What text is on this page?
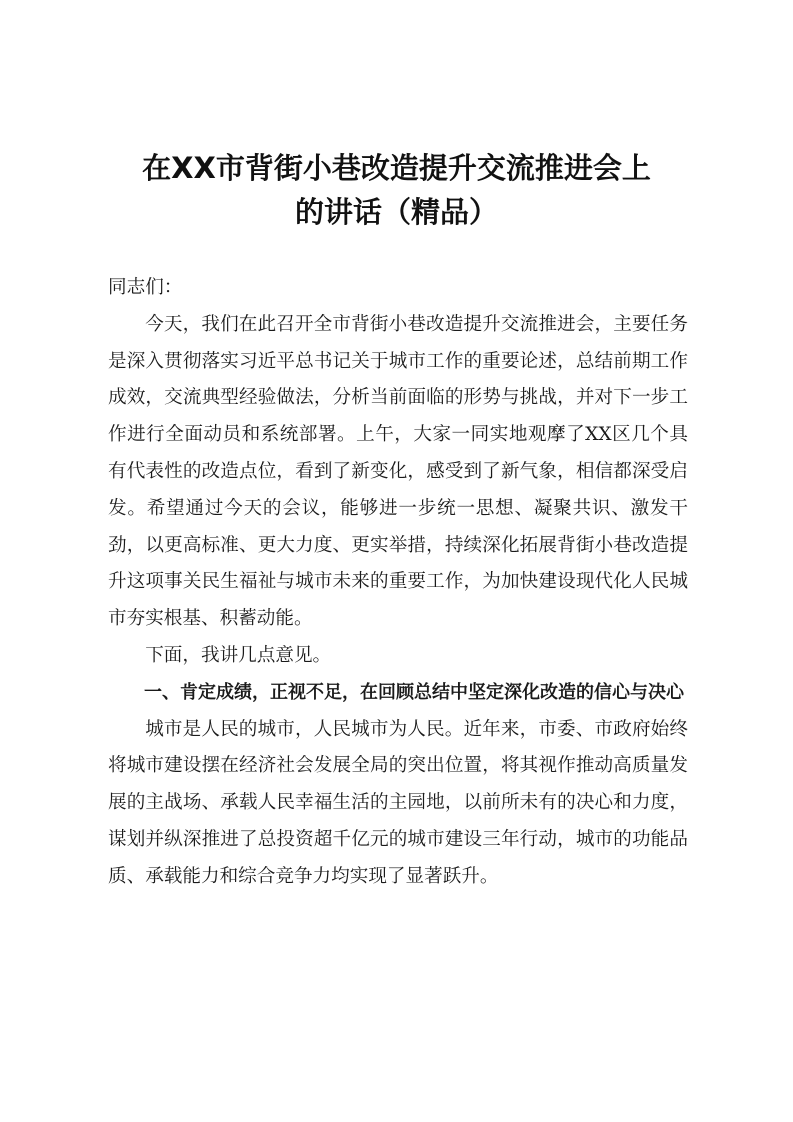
在XX市背街小巷改造提升交流推进会上
的讲话（精品）

同志们：

今天，我们在此召开全市背街小巷改造提升交流推进会，主要任务是深入贯彻落实习近平总书记关于城市工作的重要论述，总结前期工作成效，交流典型经验做法，分析当前面临的形势与挑战，并对下一步工作进行全面动员和系统部署。上午，大家一同实地观摩了XX区几个具有代表性的改造点位，看到了新变化，感受到了新气象，相信都深受启发。希望通过今天的会议，能够进一步统一思想、凝聚共识、激发干劲，以更高标准、更大力度、更实举措，持续深化拓展背街小巷改造提升这项事关民生福祉与城市未来的重要工作，为加快建设现代化人民城市夯实根基、积蓄动能。

下面，我讲几点意见。

一、肯定成绩，正视不足，在回顾总结中坚定深化改造的信心与决心

城市是人民的城市，人民城市为人民。近年来，市委、市政府始终将城市建设摆在经济社会发展全局的突出位置，将其视作推动高质量发展的主战场、承载人民幸福生活的主园地，以前所未有的决心和力度，谋划并纵深推进了总投资超千亿元的城市建设三年行动，城市的功能品质、承载能力和综合竞争力均实现了显著跃升。
